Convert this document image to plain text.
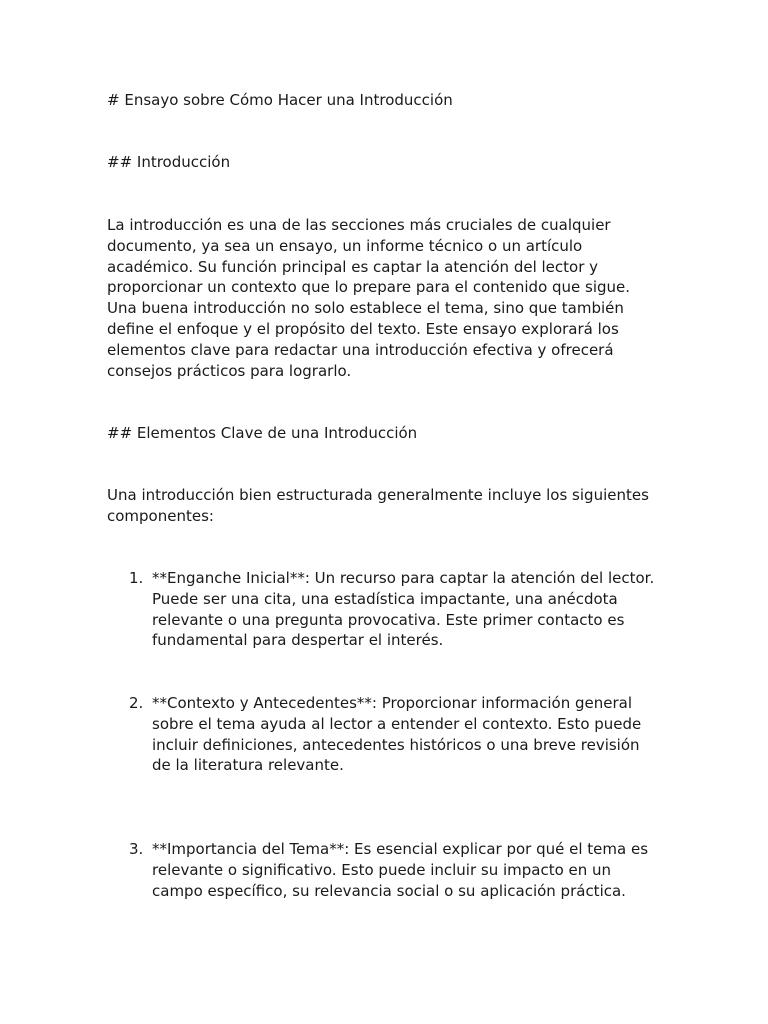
# Ensayo sobre Cómo Hacer una Introducción

## Introducción

La introducción es una de las secciones más cruciales de cualquier
documento, ya sea un ensayo, un informe técnico o un artículo
académico. Su función principal es captar la atención del lector y
proporcionar un contexto que lo prepare para el contenido que sigue.
Una buena introducción no solo establece el tema, sino que también
define el enfoque y el propósito del texto. Este ensayo explorará los
elementos clave para redactar una introducción efectiva y ofrecerá
consejos prácticos para lograrlo.

## Elementos Clave de una Introducción

Una introducción bien estructurada generalmente incluye los siguientes
componentes:

1. **Enganche Inicial**: Un recurso para captar la atención del lector.
Puede ser una cita, una estadística impactante, una anécdota
relevante o una pregunta provocativa. Este primer contacto es
fundamental para despertar el interés.
2. **Contexto y Antecedentes**: Proporcionar información general
sobre el tema ayuda al lector a entender el contexto. Esto puede
incluir definiciones, antecedentes históricos o una breve revisión
de la literatura relevante.
3. **Importancia del Tema**: Es esencial explicar por qué el tema es
relevante o significativo. Esto puede incluir su impacto en un
campo específico, su relevancia social o su aplicación práctica.
